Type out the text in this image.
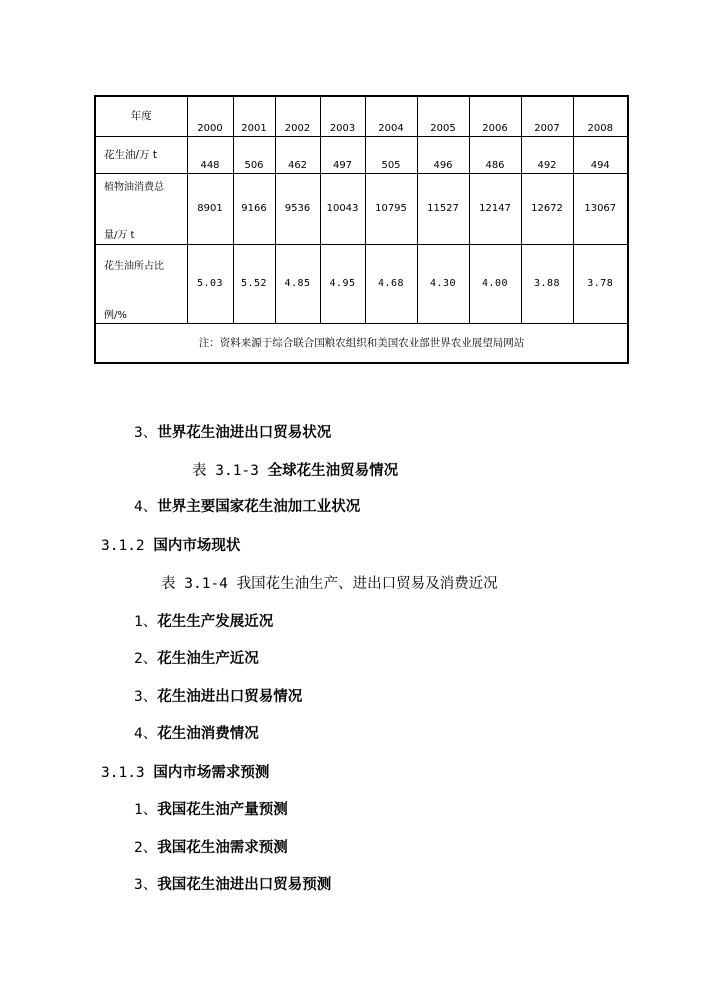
年度	2000	2001	2002	2003	2004	2005	2006	2007	2008
花生油/万 t	448	506	462	497	505	496	486	492	494

植物油消费总
量/万 t	8901	9166	9536	10043	10795	11527	12147	12672	13067

花生油所占比
例/%	5.03	5.52	4.85	4.95	4.68	4.30	4.00	3.88	3.78
注：资料来源于综合联合国粮农组织和美国农业部世界农业展望局网站									
3、世界花生油进出口贸易状况
表 3.1-3 全球花生油贸易情况
4、世界主要国家花生油加工业状况
3.1.2 国内市场现状
表 3.1-4 我国花生油生产、进出口贸易及消费近况
1、花生生产发展近况
2、花生油生产近况
3、花生油进出口贸易情况
4、花生油消费情况
3.1.3 国内市场需求预测
1、我国花生油产量预测
2、我国花生油需求预测
3、我国花生油进出口贸易预测
